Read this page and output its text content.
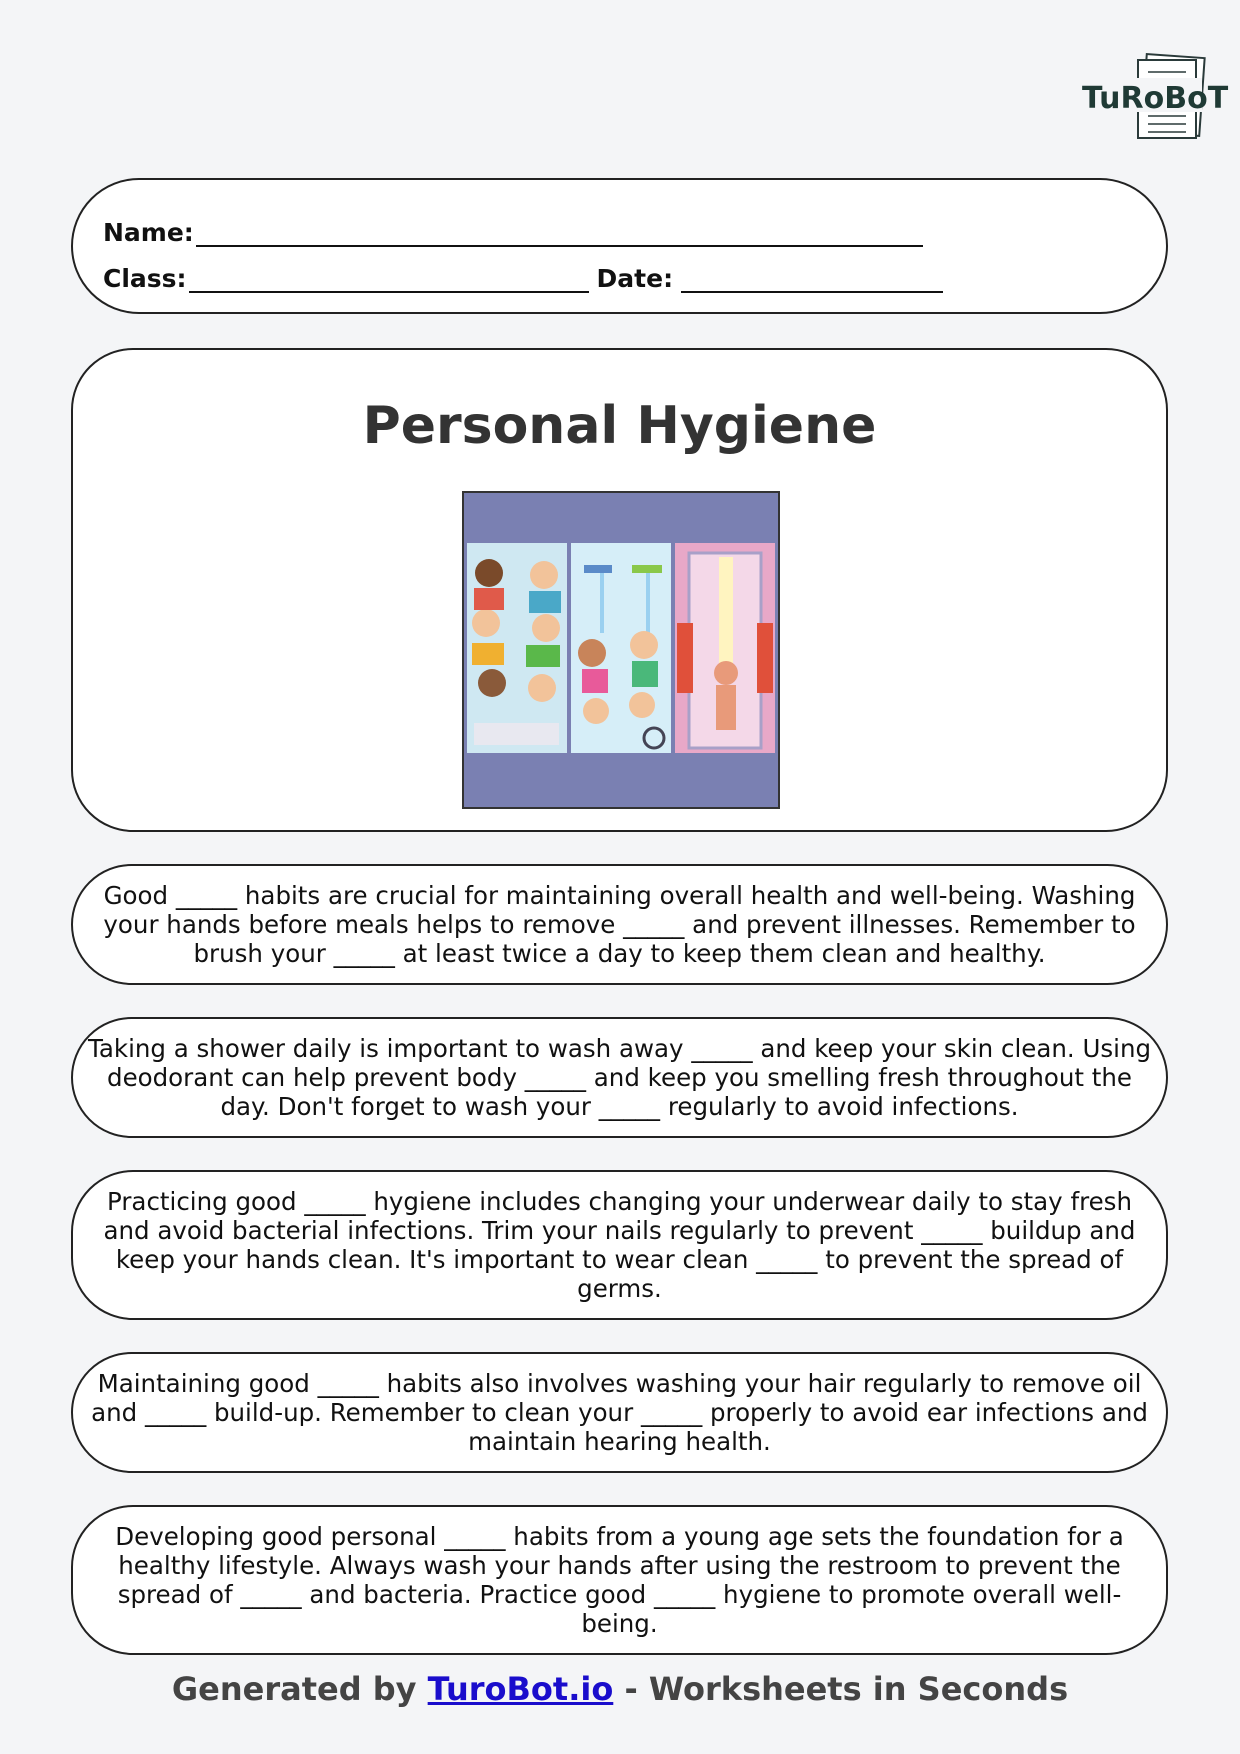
TuRoBoT
Name:
Class:	Date:
Personal Hygiene

Good _____ habits are crucial for maintaining overall health and well-being. Washing your hands before meals helps to remove _____ and prevent illnesses. Remember to brush your _____ at least twice a day to keep them clean and healthy.

Taking a shower daily is important to wash away _____ and keep your skin clean. Using deodorant can help prevent body _____ and keep you smelling fresh throughout the day. Don't forget to wash your _____ regularly to avoid infections.

Practicing good _____ hygiene includes changing your underwear daily to stay fresh and avoid bacterial infections. Trim your nails regularly to prevent _____ buildup and keep your hands clean. It's important to wear clean _____ to prevent the spread of germs.

Maintaining good _____ habits also involves washing your hair regularly to remove oil and _____ build-up. Remember to clean your _____ properly to avoid ear infections and maintain hearing health.

Developing good personal _____ habits from a young age sets the foundation for a healthy lifestyle. Always wash your hands after using the restroom to prevent the spread of _____ and bacteria. Practice good _____ hygiene to promote overall well-being.

Generated by TuroBot.io - Worksheets in Seconds
